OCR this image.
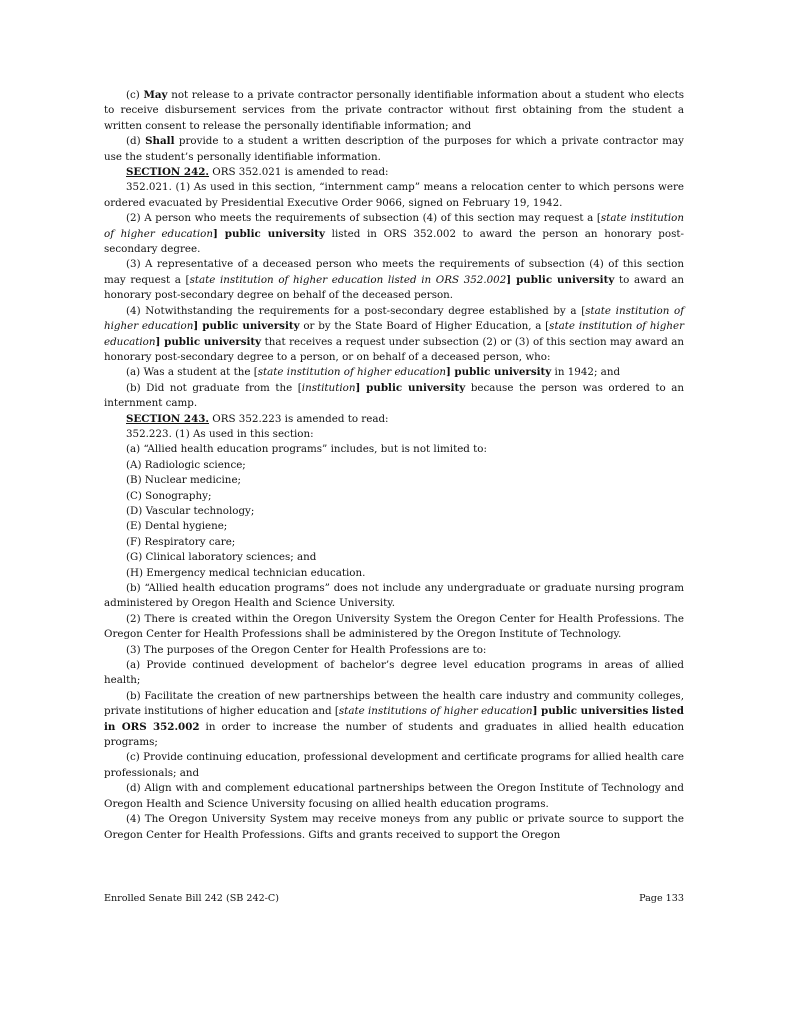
(c) May not release to a private contractor personally identifiable information about a student who elects to receive disbursement services from the private contractor without first obtaining from the student a written consent to release the personally identifiable information; and

(d) Shall provide to a student a written description of the purposes for which a private contractor may use the student’s personally identifiable information.

SECTION 242. ORS 352.021 is amended to read:

352.021. (1) As used in this section, “internment camp” means a relocation center to which persons were ordered evacuated by Presidential Executive Order 9066, signed on February 19, 1942.

(2) A person who meets the requirements of subsection (4) of this section may request a [state institution of higher education] public university listed in ORS 352.002 to award the person an honorary post-secondary degree.

(3) A representative of a deceased person who meets the requirements of subsection (4) of this section may request a [state institution of higher education listed in ORS 352.002] public university to award an honorary post-secondary degree on behalf of the deceased person.

(4) Notwithstanding the requirements for a post-secondary degree established by a [state institution of higher education] public university or by the State Board of Higher Education, a [state institution of higher education] public university that receives a request under subsection (2) or (3) of this section may award an honorary post-secondary degree to a person, or on behalf of a deceased person, who:

(a) Was a student at the [state institution of higher education] public university in 1942; and

(b) Did not graduate from the [institution] public university because the person was ordered to an internment camp.

SECTION 243. ORS 352.223 is amended to read:

352.223. (1) As used in this section:

(a) “Allied health education programs” includes, but is not limited to:

(A) Radiologic science;

(B) Nuclear medicine;

(C) Sonography;

(D) Vascular technology;

(E) Dental hygiene;

(F) Respiratory care;

(G) Clinical laboratory sciences; and

(H) Emergency medical technician education.

(b) “Allied health education programs” does not include any undergraduate or graduate nursing program administered by Oregon Health and Science University.

(2) There is created within the Oregon University System the Oregon Center for Health Professions. The Oregon Center for Health Professions shall be administered by the Oregon Institute of Technology.

(3) The purposes of the Oregon Center for Health Professions are to:

(a) Provide continued development of bachelor’s degree level education programs in areas of allied health;

(b) Facilitate the creation of new partnerships between the health care industry and community colleges, private institutions of higher education and [state institutions of higher education] public universities listed in ORS 352.002 in order to increase the number of students and graduates in allied health education programs;

(c) Provide continuing education, professional development and certificate programs for allied health care professionals; and

(d) Align with and complement educational partnerships between the Oregon Institute of Technology and Oregon Health and Science University focusing on allied health education programs.

(4) The Oregon University System may receive moneys from any public or private source to support the Oregon Center for Health Professions. Gifts and grants received to support the Oregon

Enrolled Senate Bill 242 (SB 242-C)	Page 133
